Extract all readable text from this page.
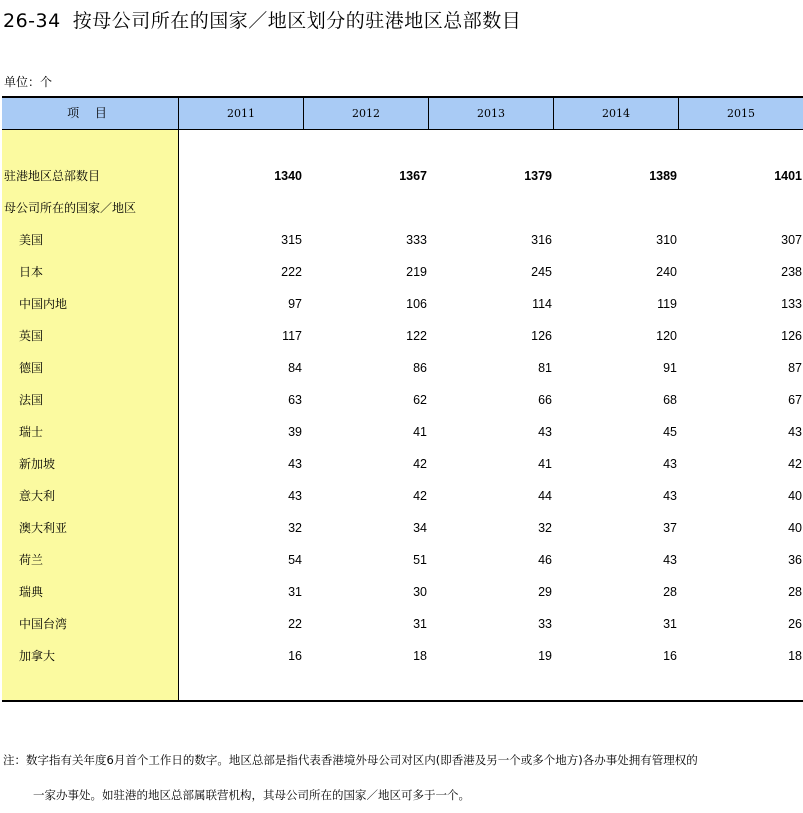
26-34 按母公司所在的国家／地区划分的驻港地区总部数目
单位：个
项 目	2011	2012	2013	2014	2015
驻港地区总部数目	1340	1367	1379	1389	1401
母公司所在的国家／地区
美国	315	333	316	310	307
日本	222	219	245	240	238
中国内地	97	106	114	119	133
英国	117	122	126	120	126
德国	84	86	81	91	87
法国	63	62	66	68	67
瑞士	39	41	43	45	43
新加坡	43	42	41	43	42
意大利	43	42	44	43	40
澳大利亚	32	34	32	37	40
荷兰	54	51	46	43	36
瑞典	31	30	29	28	28
中国台湾	22	31	33	31	26
加拿大	16	18	19	16	18
注：数字指有关年度6月首个工作日的数字。地区总部是指代表香港境外母公司对区内(即香港及另一个或多个地方)各办事处拥有管理权的
一家办事处。如驻港的地区总部属联营机构，其母公司所在的国家／地区可多于一个。
